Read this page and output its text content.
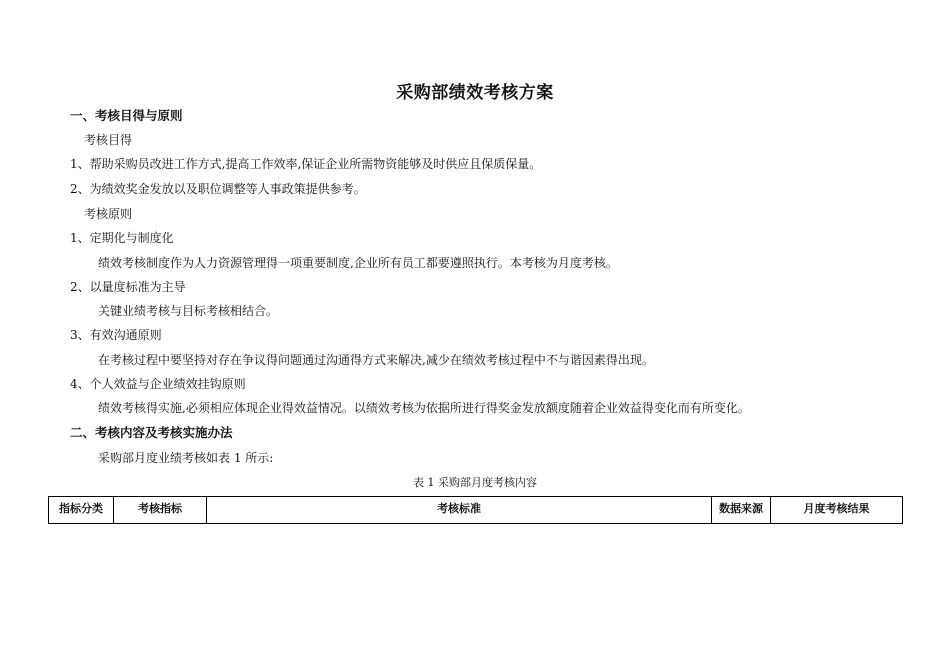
采购部绩效考核方案
一、考核目得与原则
考核目得
1、帮助采购员改进工作方式,提高工作效率,保证企业所需物资能够及时供应且保质保量。
2、为绩效奖金发放以及职位调整等人事政策提供参考。
考核原则
1、定期化与制度化
绩效考核制度作为人力资源管理得一项重要制度,企业所有员工都要遵照执行。本考核为月度考核。
2、以量度标准为主导
关键业绩考核与目标考核相结合。
3、有效沟通原则
在考核过程中要坚持对存在争议得问题通过沟通得方式来解决,减少在绩效考核过程中不与谐因素得出现。
4、个人效益与企业绩效挂钩原则
绩效考核得实施,必须相应体现企业得效益情况。以绩效考核为依据所进行得奖金发放额度随着企业效益得变化而有所变化。
二、考核内容及考核实施办法
采购部月度业绩考核如表 1 所示:
表 1 采购部月度考核内容
指标分类	考核指标	考核标准	数据来源	月度考核结果
